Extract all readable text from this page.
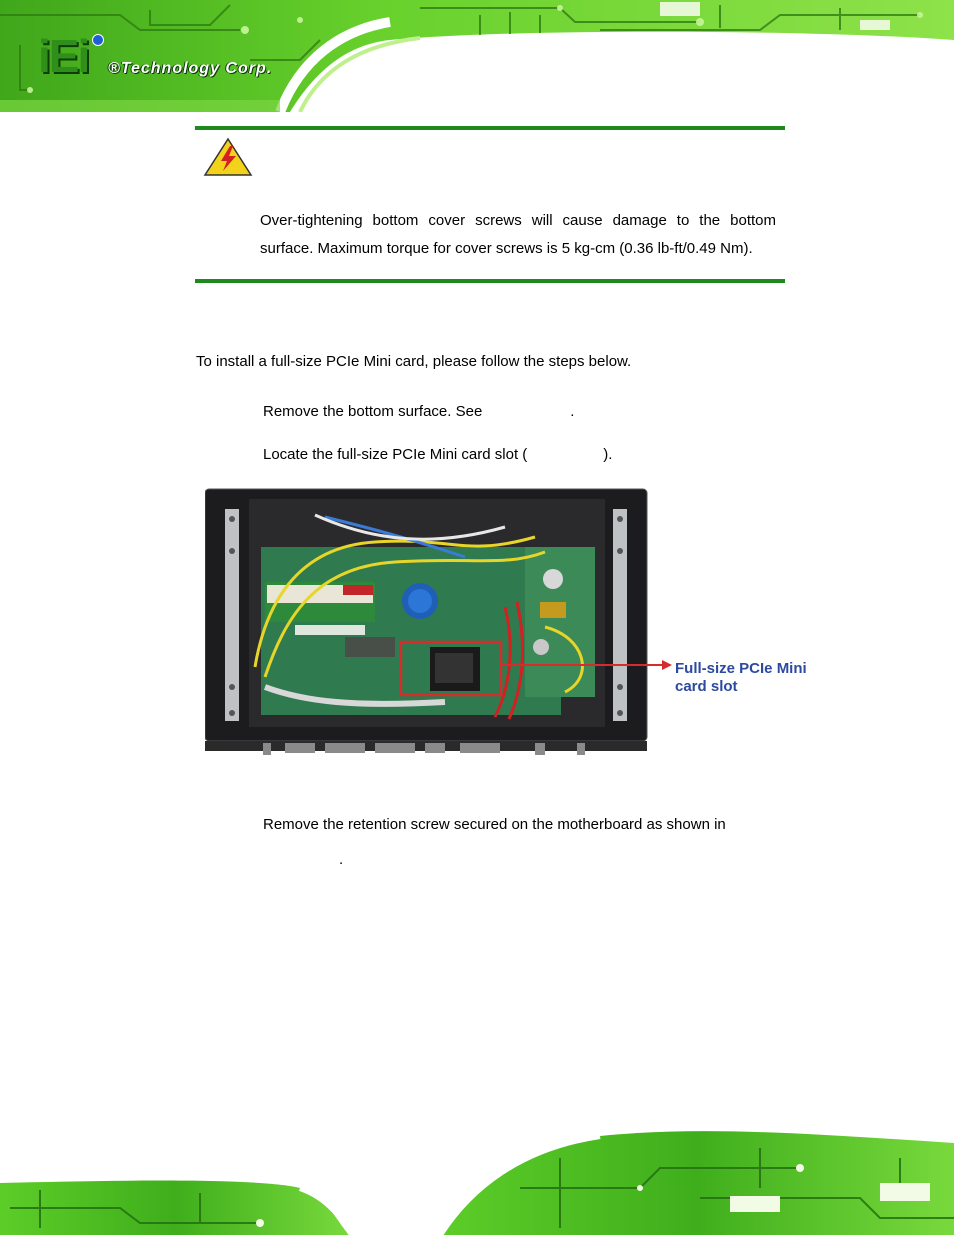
iEi ®Technology Corp.
Over-tightening bottom cover screws will cause damage to the bottom surface. Maximum torque for cover screws is 5 kg-cm (0.36 lb-ft/0.49 Nm).
To install a full-size PCIe Mini card, please follow the steps below.
Remove the bottom surface. See	.
Locate the full-size PCIe Mini card slot (	).
Full-size PCIe Mini
card slot
Remove the retention screw secured on the motherboard as shown in
.
